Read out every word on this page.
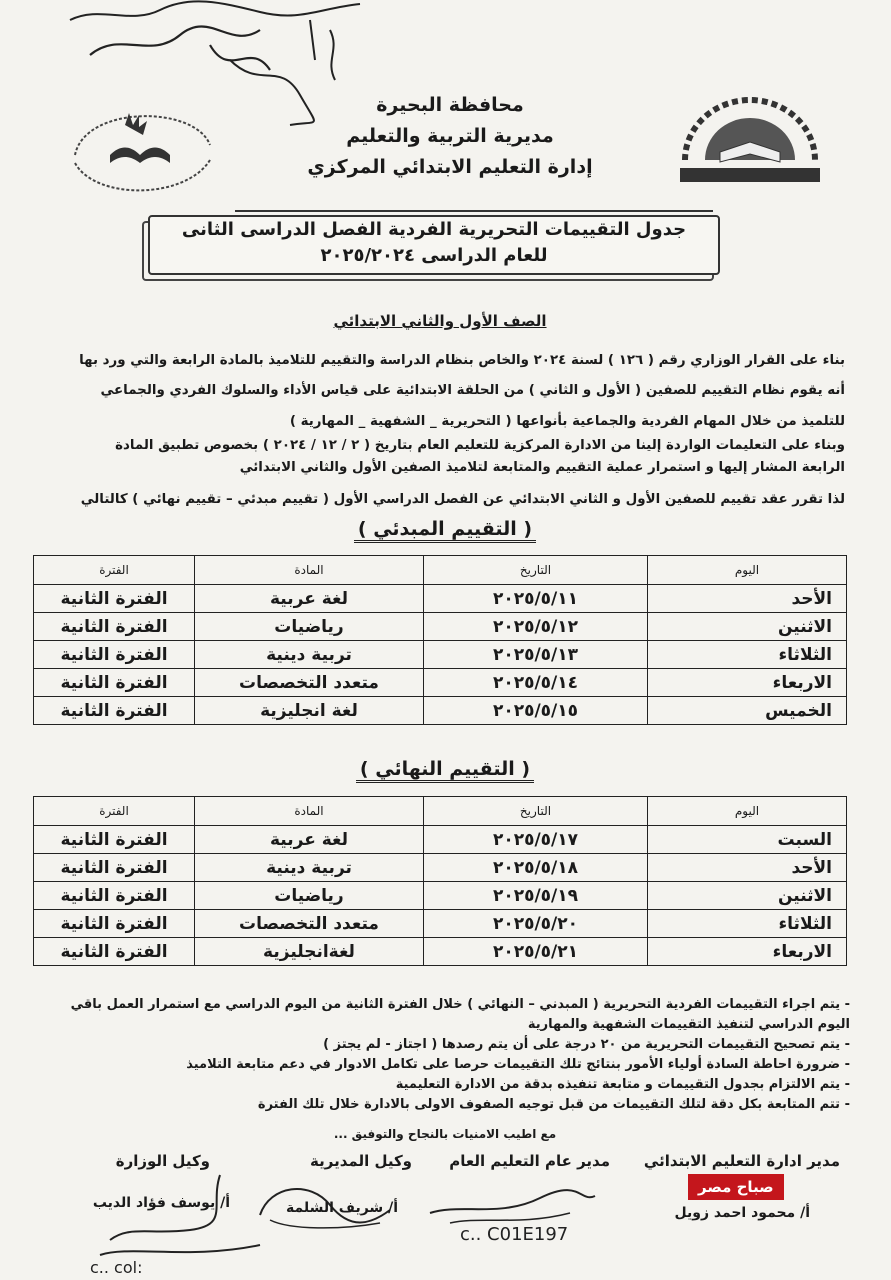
محافظة البحيرة
مديرية التربية والتعليم
إدارة التعليم الابتدائي المركزي
جدول التقييمات التحريرية الفردية الفصل الدراسى الثانى
للعام الدراسى ٢٠٢٥/٢٠٢٤
الصف الأول والثاني الابتدائي
بناء على القرار الوزاري رقم ( ١٢٦ ) لسنة ٢٠٢٤ والخاص بنظام الدراسة والتقييم للتلاميذ بالمادة الرابعة والتي ورد بها
أنه يقوم نظام التقييم للصفين ( الأول و الثاني ) من الحلقة الابتدائية على قياس الأداء والسلوك الفردي والجماعي
للتلميذ من خلال المهام الفردية والجماعية بأنواعها ( التحريرية _ الشفهية _ المهارية )
وبناء على التعليمات الواردة إلينا من الادارة المركزية للتعليم العام بتاريخ ( ٢ / ١٢ / ٢٠٢٤ ) بخصوص تطبيق المادة
الرابعة المشار إليها و استمرار عملية التقييم والمتابعة لتلاميذ الصفين الأول والثاني الابتدائي
لذا تقرر عقد تقييم للصفين الأول و الثاني الابتدائي عن الفصل الدراسي الأول ( تقييم مبدئي – تقييم نهائي ) كالتالي
( التقييم المبدئي )
اليوم	التاريخ	المادة	الفترة
الأحد	٢٠٢٥/٥/١١	لغة عربية	الفترة الثانية
الاثنين	٢٠٢٥/٥/١٢	رياضيات	الفترة الثانية
الثلاثاء	٢٠٢٥/٥/١٣	تربية دينية	الفترة الثانية
الاربعاء	٢٠٢٥/٥/١٤	متعدد التخصصات	الفترة الثانية
الخميس	٢٠٢٥/٥/١٥	لغة انجليزية	الفترة الثانية
( التقييم النهائي )
اليوم	التاريخ	المادة	الفترة
السبت	٢٠٢٥/٥/١٧	لغة عربية	الفترة الثانية
الأحد	٢٠٢٥/٥/١٨	تربية دينية	الفترة الثانية
الاثنين	٢٠٢٥/٥/١٩	رياضيات	الفترة الثانية
الثلاثاء	٢٠٢٥/٥/٢٠	متعدد التخصصات	الفترة الثانية
الاربعاء	٢٠٢٥/٥/٢١	لغةانجليزية	الفترة الثانية
- يتم اجراء التقييمات الفردية التحريرية ( المبدني – النهائي ) خلال الفترة الثانية من اليوم الدراسي مع استمرار العمل باقي
اليوم الدراسي لتنفيذ التقييمات الشفهية والمهارية
- يتم تصحيح التقييمات التحريرية من ٢٠ درجة على أن يتم رصدها ( اجتاز - لم يجتز )
- ضرورة احاطة السادة أولياء الأمور بنتائج تلك التقييمات حرصا على تكامل الادوار في دعم متابعة التلاميذ
- يتم الالتزام بجدول التقييمات و متابعة تنفيذه بدقة من الادارة التعليمية
- تتم المتابعة بكل دقة لتلك التقييمات من قبل توجيه الصفوف الاولى بالادارة خلال تلك الفترة
مع اطيب الامنيات بالنجاح والتوفيق ...
مدير ادارة التعليم الابتدائي
مدير عام التعليم العام
وكيل المديرية
وكيل الوزارة
c.. C01E197
c.. col:
أ/ محمود احمد زويل
أ/ شريف الشلمة
أ/ يوسف فؤاد الديب
صباح مصر
